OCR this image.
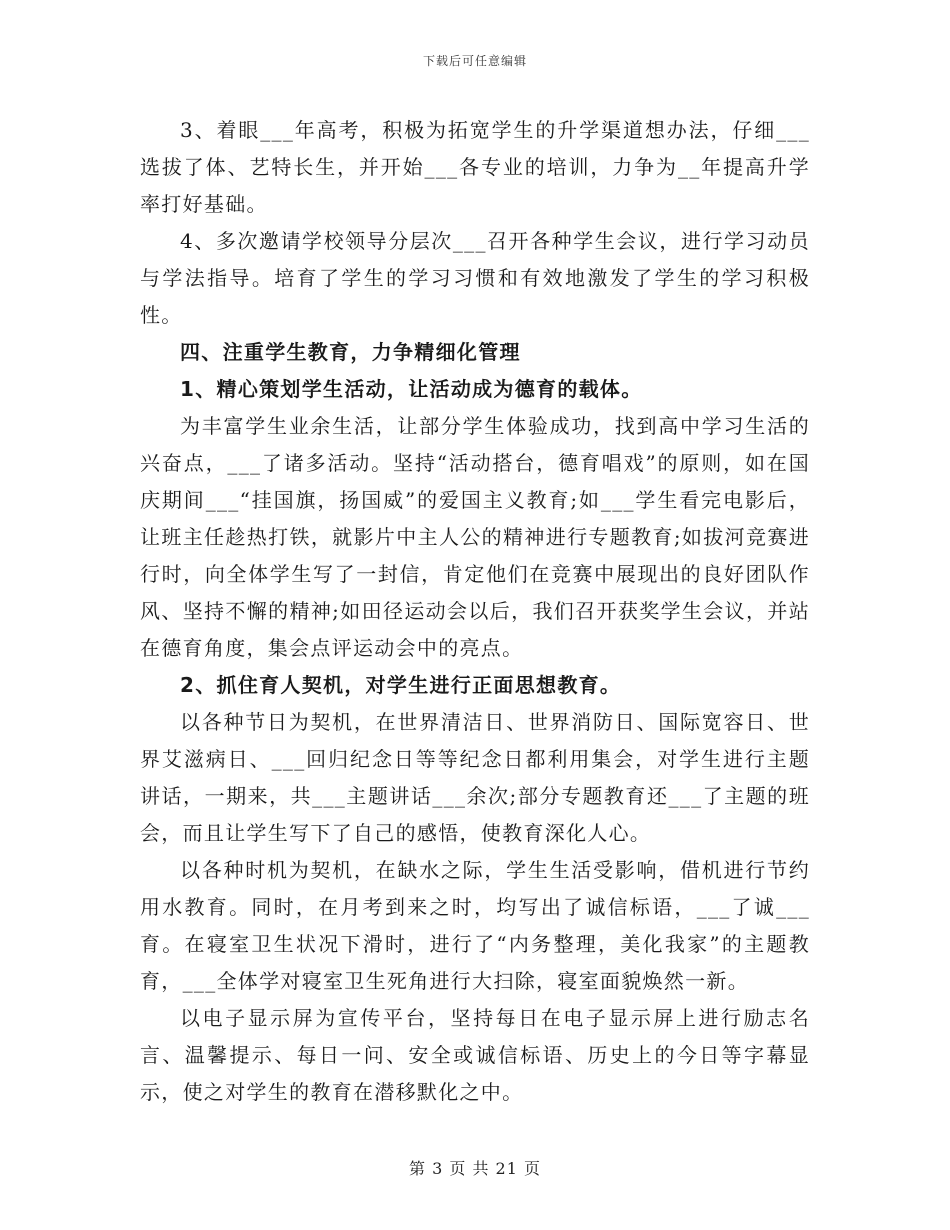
下载后可任意编辑

3、着眼___年高考，积极为拓宽学生的升学渠道想办法，仔细___选拔了体、艺特长生，并开始___各专业的培训，力争为__年提高升学率打好基础。

4、多次邀请学校领导分层次___召开各种学生会议，进行学习动员与学法指导。培育了学生的学习习惯和有效地激发了学生的学习积极性。

四、注重学生教育，力争精细化管理

1、精心策划学生活动，让活动成为德育的载体。

为丰富学生业余生活，让部分学生体验成功，找到高中学习生活的兴奋点，___了诸多活动。坚持“活动搭台，德育唱戏”的原则，如在国庆期间___“挂国旗，扬国威”的爱国主义教育;如___学生看完电影后，让班主任趁热打铁，就影片中主人公的精神进行专题教育;如拔河竞赛进行时，向全体学生写了一封信，肯定他们在竞赛中展现出的良好团队作风、坚持不懈的精神;如田径运动会以后，我们召开获奖学生会议，并站在德育角度，集会点评运动会中的亮点。

2、抓住育人契机，对学生进行正面思想教育。

以各种节日为契机，在世界清洁日、世界消防日、国际宽容日、世界艾滋病日、___回归纪念日等等纪念日都利用集会，对学生进行主题讲话，一期来，共___主题讲话___余次;部分专题教育还___了主题的班会，而且让学生写下了自己的感悟，使教育深化人心。

以各种时机为契机，在缺水之际，学生生活受影响，借机进行节约用水教育。同时，在月考到来之时，均写出了诚信标语，___了诚___育。在寝室卫生状况下滑时，进行了“内务整理，美化我家”的主题教育，___全体学对寝室卫生死角进行大扫除，寝室面貌焕然一新。

以电子显示屏为宣传平台，坚持每日在电子显示屏上进行励志名言、温馨提示、每日一问、安全或诚信标语、历史上的今日等字幕显示，使之对学生的教育在潜移默化之中。

第 3 页 共 21 页
